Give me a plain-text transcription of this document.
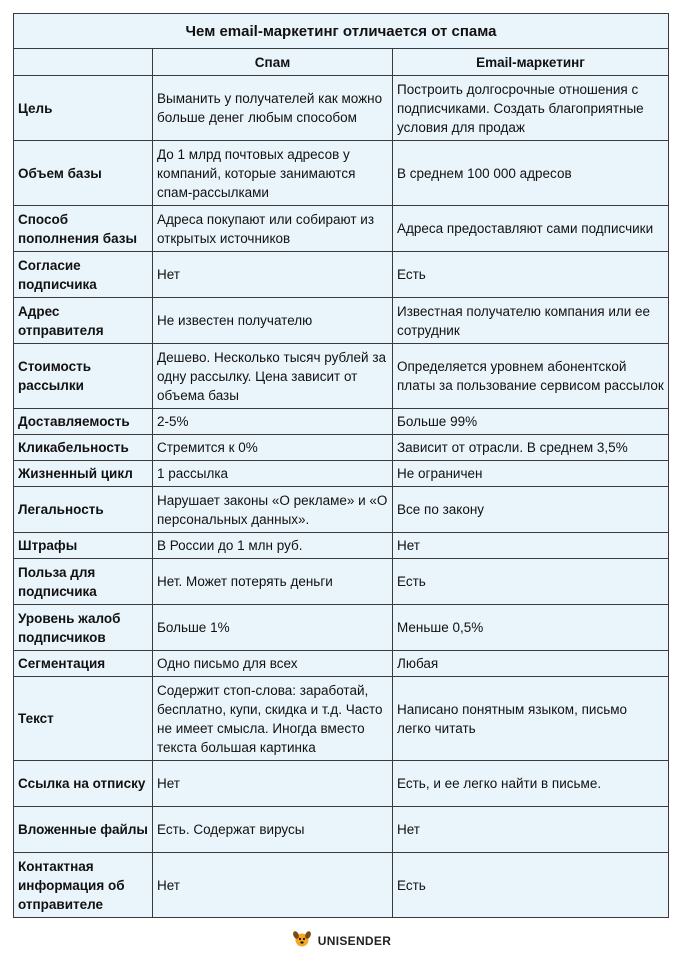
Чем email-маркетинг отличается от спама		
	Спам	Email-маркетинг
Цель	Выманить у получателей как можно больше денег любым способом	Построить долгосрочные отношения с подписчиками. Создать благоприятные условия для продаж
Объем базы	До 1 млрд почтовых адресов у компаний, которые занимаются спам-рассылками	В среднем 100 000 адресов
Способ пополнения базы	Адреса покупают или собирают из открытых источников	Адреса предоставляют сами подписчики
Согласие подписчика	Нет	Есть
Адрес отправителя	Не известен получателю	Известная получателю компания или ее сотрудник
Стоимость рассылки	Дешево. Несколько тысяч рублей за одну рассылку. Цена зависит от объема базы	Определяется уровнем абонентской платы за пользование сервисом рассылок
Доставляемость	2-5%	Больше 99%
Кликабельность	Стремится к 0%	Зависит от отрасли. В среднем 3,5%
Жизненный цикл	1 рассылка	Не ограничен
Легальность	Нарушает законы «О рекламе» и «О персональных данных».	Все по закону
Штрафы	В России до 1 млн руб.	Нет
Польза для подписчика	Нет. Может потерять деньги	Есть
Уровень жалоб подписчиков	Больше 1%	Меньше 0,5%
Сегментация	Одно письмо для всех	Любая
Текст	Содержит стоп-слова: заработай, бесплатно, купи, скидка и т.д. Часто не имеет смысла. Иногда вместо текста большая картинка	Написано понятным языком, письмо легко читать
Ссылка на отписку	Нет	Есть, и ее легко найти в письме.
Вложенные файлы	Есть. Содержат вирусы	Нет
Контактная информация об отправителе	Нет	Есть
UNISENDER
